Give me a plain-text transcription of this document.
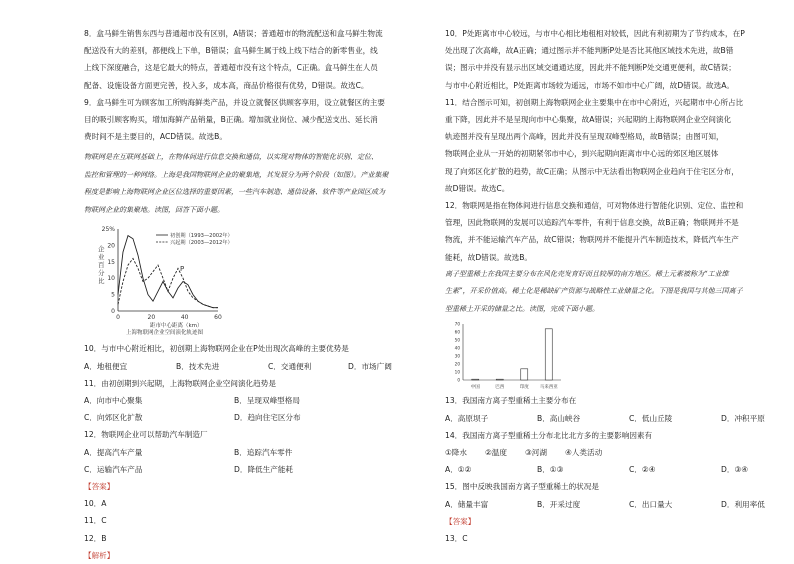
8．盒马鲜生销售东西与普通超市没有区别，A错误；普通超市的物流配送和盒马鲜生物流

配送没有大的差别，都便线上下单，B错误；盒马鲜生属于线上线下结合的新零售业，线

上线下深度融合，这是它最大的特点，普通超市没有这个特点，C正确。盒马鲜生在人员

配备、设施设备方面更完善，投入多，成本高，商品价格很有优势，D错误。故选C。

9．盒马鲜生可为顾客加工所购海鲜类产品，并设立就餐区供顾客享用，设立就餐区的主要

目的吸引顾客购买，增加海鲜产品销量，B正确。增加就业岗位、减少配送支出、延长消

费时间不是主要目的，ACD错误。故选B。

物联网是在互联网基础上，在物体间进行信息交换和通信，以实现对物体的智能化识别、定位、

监控和管理的一种网络。上海是我国物联网企业的聚集地，其发展分为两个阶段（如图）。产业集聚

程度是影响上海物联网企业区位选择的重要因素，一些汽车制造、通信设备、软件等产业园区成为

物联网企业的集聚地。读图，回答下面小题。

25%
20
15
10
5
0
0	20	40	60
企业百分比
初创期（1993—2002年）
兴起期（2003—2012年）
P
距市中心距离（km）
上海物联网企业空间演化轨迹图

10．与市中心附近相比，初创期上海物联网企业在P处出现次高峰的主要优势是

A．地租便宜	B．技术先进	C．交通便利	D．市场广阔

11．由初创期到兴起期，上海物联网企业空间演化趋势是

A．向市中心聚集	B．呈现双峰型格局
C．向郊区化扩散	D．趋向住宅区分布

12．物联网企业可以帮助汽车制造厂

A．提高汽车产量	B．追踪汽车零件
C．运输汽车产品	D．降低生产能耗

【答案】

10．A

11．C

12．B

【解析】

10．P处距离市中心较远，与市中心相比地租相对较低，因此有利初期为了节约成本，在P

处出现了次高峰，故A正确；通过图示并不能判断P处是否比其他区域技术先进，故B错

误；图示中并没有显示出区域交通通达度，因此并不能判断P处交通更便利，故C错误；

与市中心附近相比，P处距离市场较为遥远，市场不如市中心广阔，故D错误。故选A。

11．结合图示可知，初创期上海物联网企业主要集中在市中心附近，兴起期市中心所占比

重下降，因此并不是呈现向市中心集聚，故A错误；兴起期的上海物联网企业空间演化

轨迹图并没有呈现出两个高峰，因此并没有呈现双峰型格局，故B错误；由图可知，

物联网企业从一开始的初期紧邻市中心，到兴起期向距离市中心远的郊区地区展体

现了向郊区化扩散的趋势，故C正确；从图示中无法看出物联网企业趋向于住宅区分布，

故D错误。故选C。

12．物联网是指在物体间进行信息交换和通信，可对物体进行智能化识别、定位、监控和

管理，因此物联网的发展可以追踪汽车零件，有利于信息交换，故B正确；物联网并不是

物流，并不能运输汽车产品，故C错误；物联网并不能提升汽车制造技术，降低汽车生产

能耗，故D错误。故选B。

离子型重稀土在我国主要分布在风化壳发育好而且较厚的南方地区。稀土元素被称为“工业维

生素”，开采价值高。稀土化是稀缺矿产资源与战略性工业储量之化。下图是我国与其他三国离子

型重稀土开采的储量之比。读图，完成下面小题。

70
60
50
40
30
20
10
0
中国	巴西	印度 马来西亚

13．我国南方离子型重稀土主要分布在

A．高原坝子	B．高山峡谷	C．低山丘陵	D．冲积平原

14．我国南方离子型重稀土分布北比北方多的主要影响因素有

①降水	②温度	③河湖	④人类活动
A．①②	B．①③	C．②④	D．③④

15．图中反映我国南方离子型重稀土的状况是

A．储量丰富	B．开采过度	C．出口量大	D．利用率低

【答案】

13．C
